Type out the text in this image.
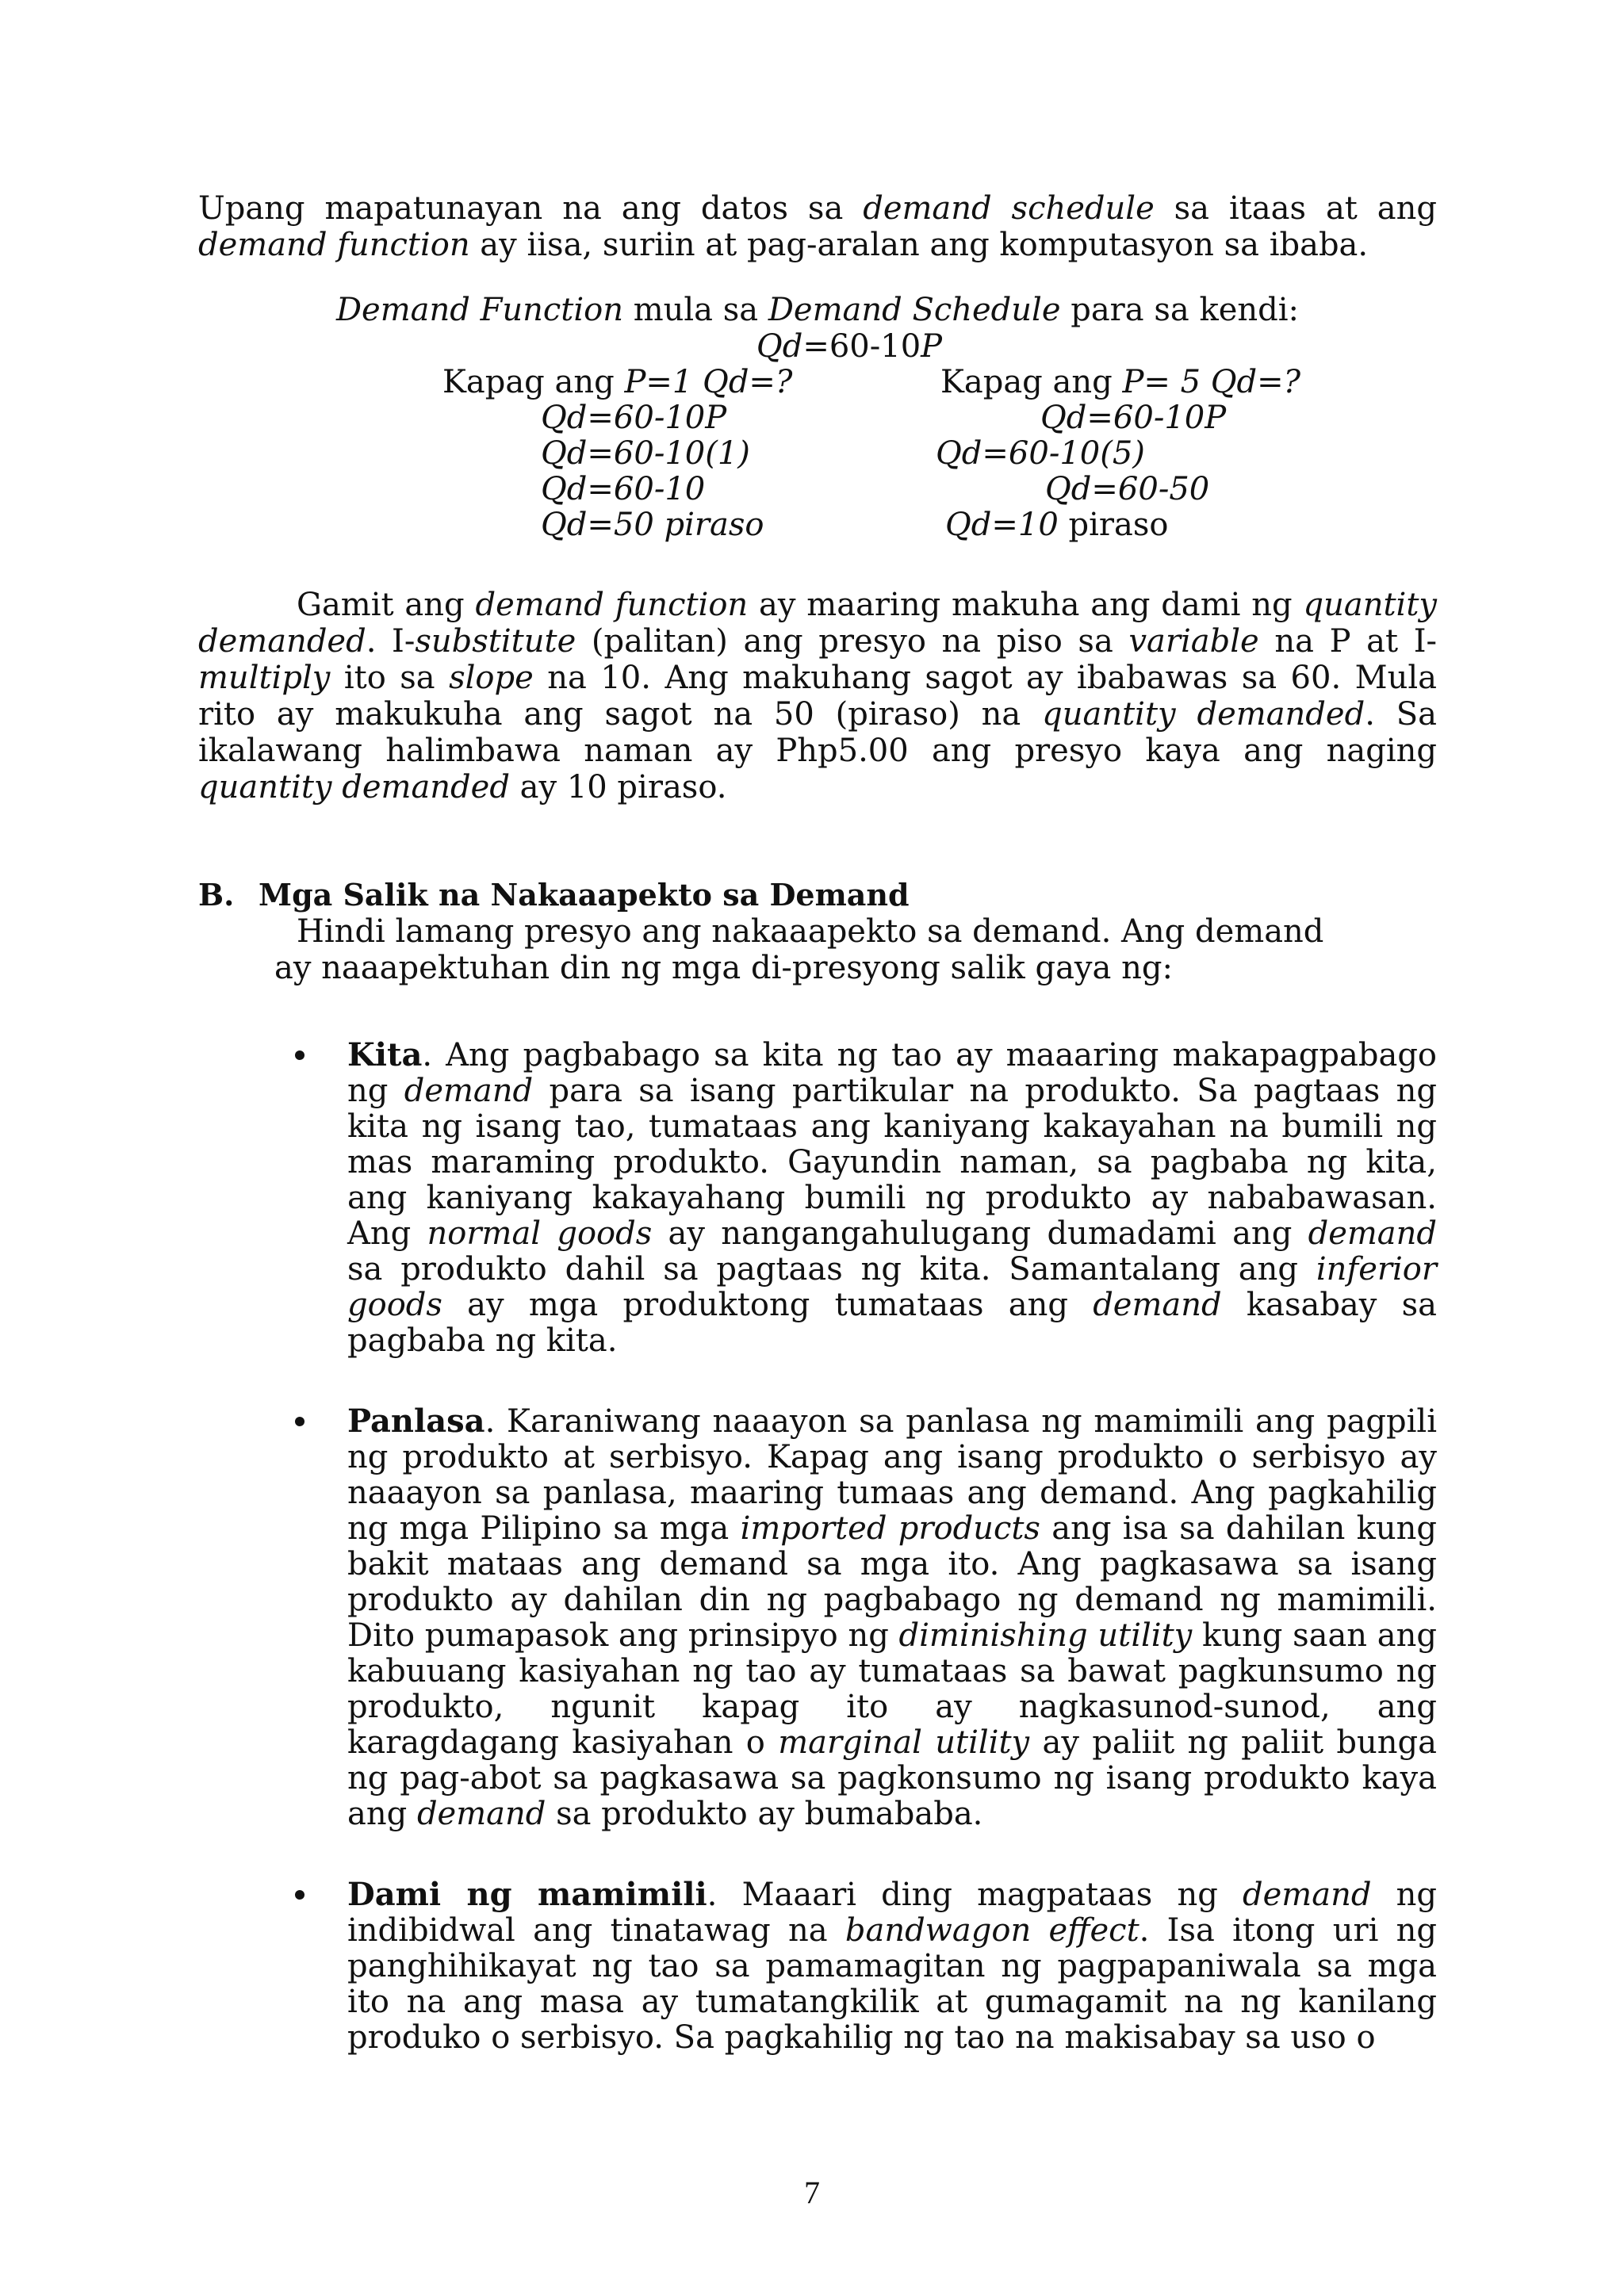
Upang mapatunayan na ang datos sa demand schedule sa itaas at ang demand function ay iisa, suriin at pag-aralan ang komputasyon sa ibaba.

Demand Function mula sa Demand Schedule para sa kendi:
Qd=60-10P
Kapag ang P=1 Qd=?
Qd=60-10P
Qd=60-10(1)
Qd=60-10
Qd=50 piraso
Kapag ang P= 5 Qd=?
Qd=60-10P
Qd=60-10(5)
Qd=60-50
Qd=10 piraso

Gamit ang demand function ay maaring makuha ang dami ng quantity demanded. I-substitute (palitan) ang presyo na piso sa variable na P at I-multiply ito sa slope na 10. Ang makuhang sagot ay ibabawas sa 60. Mula rito ay makukuha ang sagot na 50 (piraso) na quantity demanded. Sa ikalawang halimbawa naman ay Php5.00 ang presyo kaya ang naging quantity demanded ay 10 piraso.

B. Mga Salik na Nakaaapekto sa Demand

Hindi lamang presyo ang nakaaapekto sa demand. Ang demand

ay naaapektuhan din ng mga di-presyong salik gaya ng:

Kita. Ang pagbabago sa kita ng tao ay maaaring makapagpabago ng demand para sa isang partikular na produkto. Sa pagtaas ng kita ng isang tao, tumataas ang kaniyang kakayahan na bumili ng mas maraming produkto. Gayundin naman, sa pagbaba ng kita, ang kaniyang kakayahang bumili ng produkto ay nababawasan. Ang normal goods ay nangangahulugang dumadami ang demand sa produkto dahil sa pagtaas ng kita. Samantalang ang inferior goods ay mga produktong tumataas ang demand kasabay sa pagbaba ng kita.
Panlasa. Karaniwang naaayon sa panlasa ng mamimili ang pagpili ng produkto at serbisyo. Kapag ang isang produkto o serbisyo ay naaayon sa panlasa, maaring tumaas ang demand. Ang pagkahilig ng mga Pilipino sa mga imported products ang isa sa dahilan kung bakit mataas ang demand sa mga ito. Ang pagkasawa sa isang produkto ay dahilan din ng pagbabago ng demand ng mamimili. Dito pumapasok ang prinsipyo ng diminishing utility kung saan ang kabuuang kasiyahan ng tao ay tumataas sa bawat pagkunsumo ng produkto, ngunit kapag ito ay nagkasunod-sunod, ang karagdagang kasiyahan o marginal utility ay paliit ng paliit bunga ng pag-abot sa pagkasawa sa pagkonsumo ng isang produkto kaya ang demand sa produkto ay bumababa.
Dami ng mamimili. Maaari ding magpataas ng demand ng indibidwal ang tinatawag na bandwagon effect. Isa itong uri ng panghihikayat ng tao sa pamamagitan ng pagpapaniwala sa mga ito na ang masa ay tumatangkilik at gumagamit na ng kanilang produko o serbisyo. Sa pagkahilig ng tao na makisabay sa uso o
7
